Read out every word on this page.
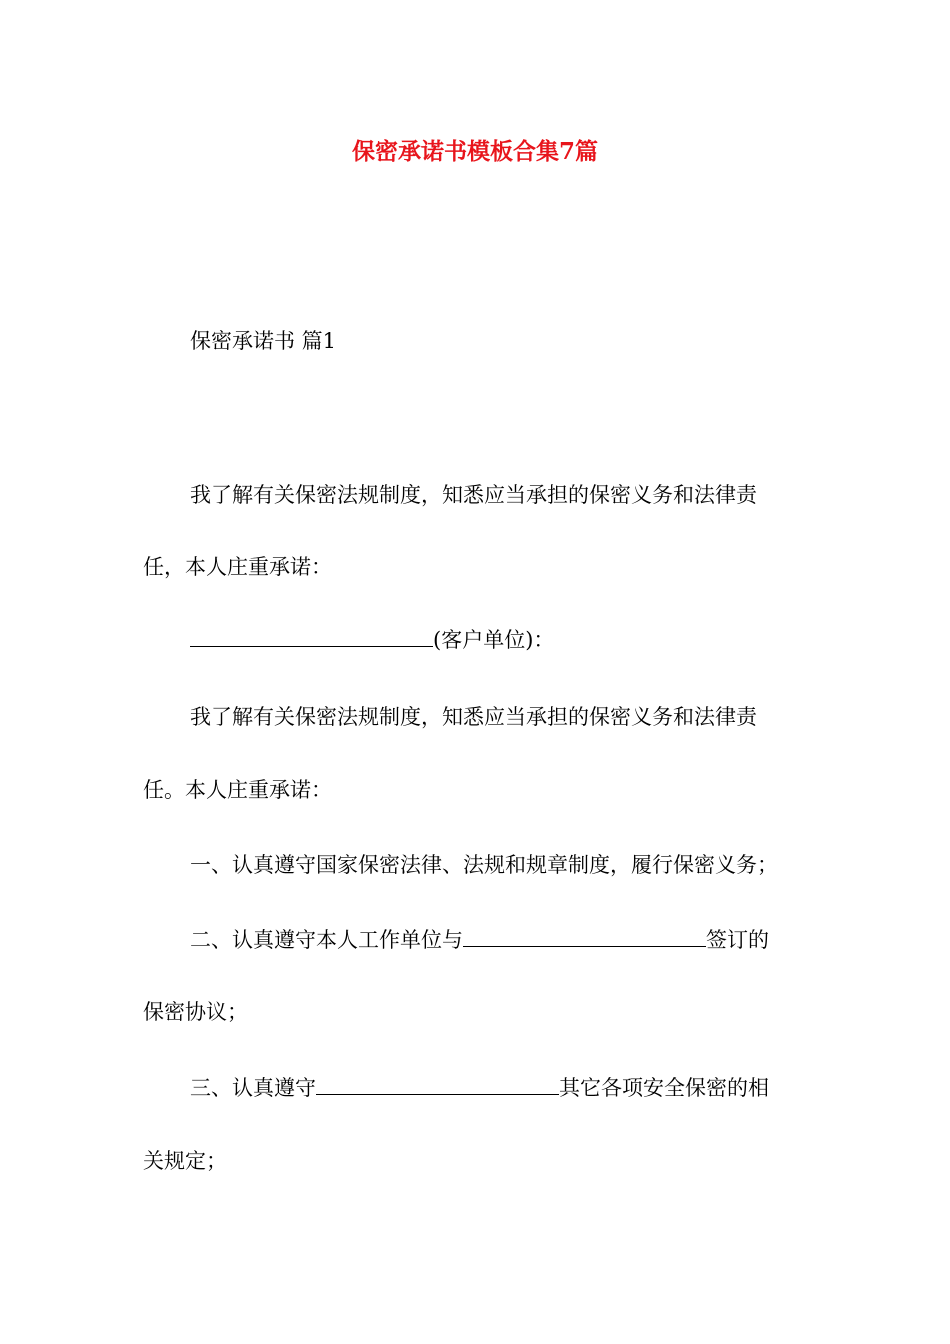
保密承诺书模板合集7篇
保密承诺书 篇1
我了解有关保密法规制度，知悉应当承担的保密义务和法律责
任，本人庄重承诺：
(客户单位)：
我了解有关保密法规制度，知悉应当承担的保密义务和法律责
任。本人庄重承诺：
一、认真遵守国家保密法律、法规和规章制度，履行保密义务；
二、认真遵守本人工作单位与	签订的
保密协议；
三、认真遵守	其它各项安全保密的相
关规定；
